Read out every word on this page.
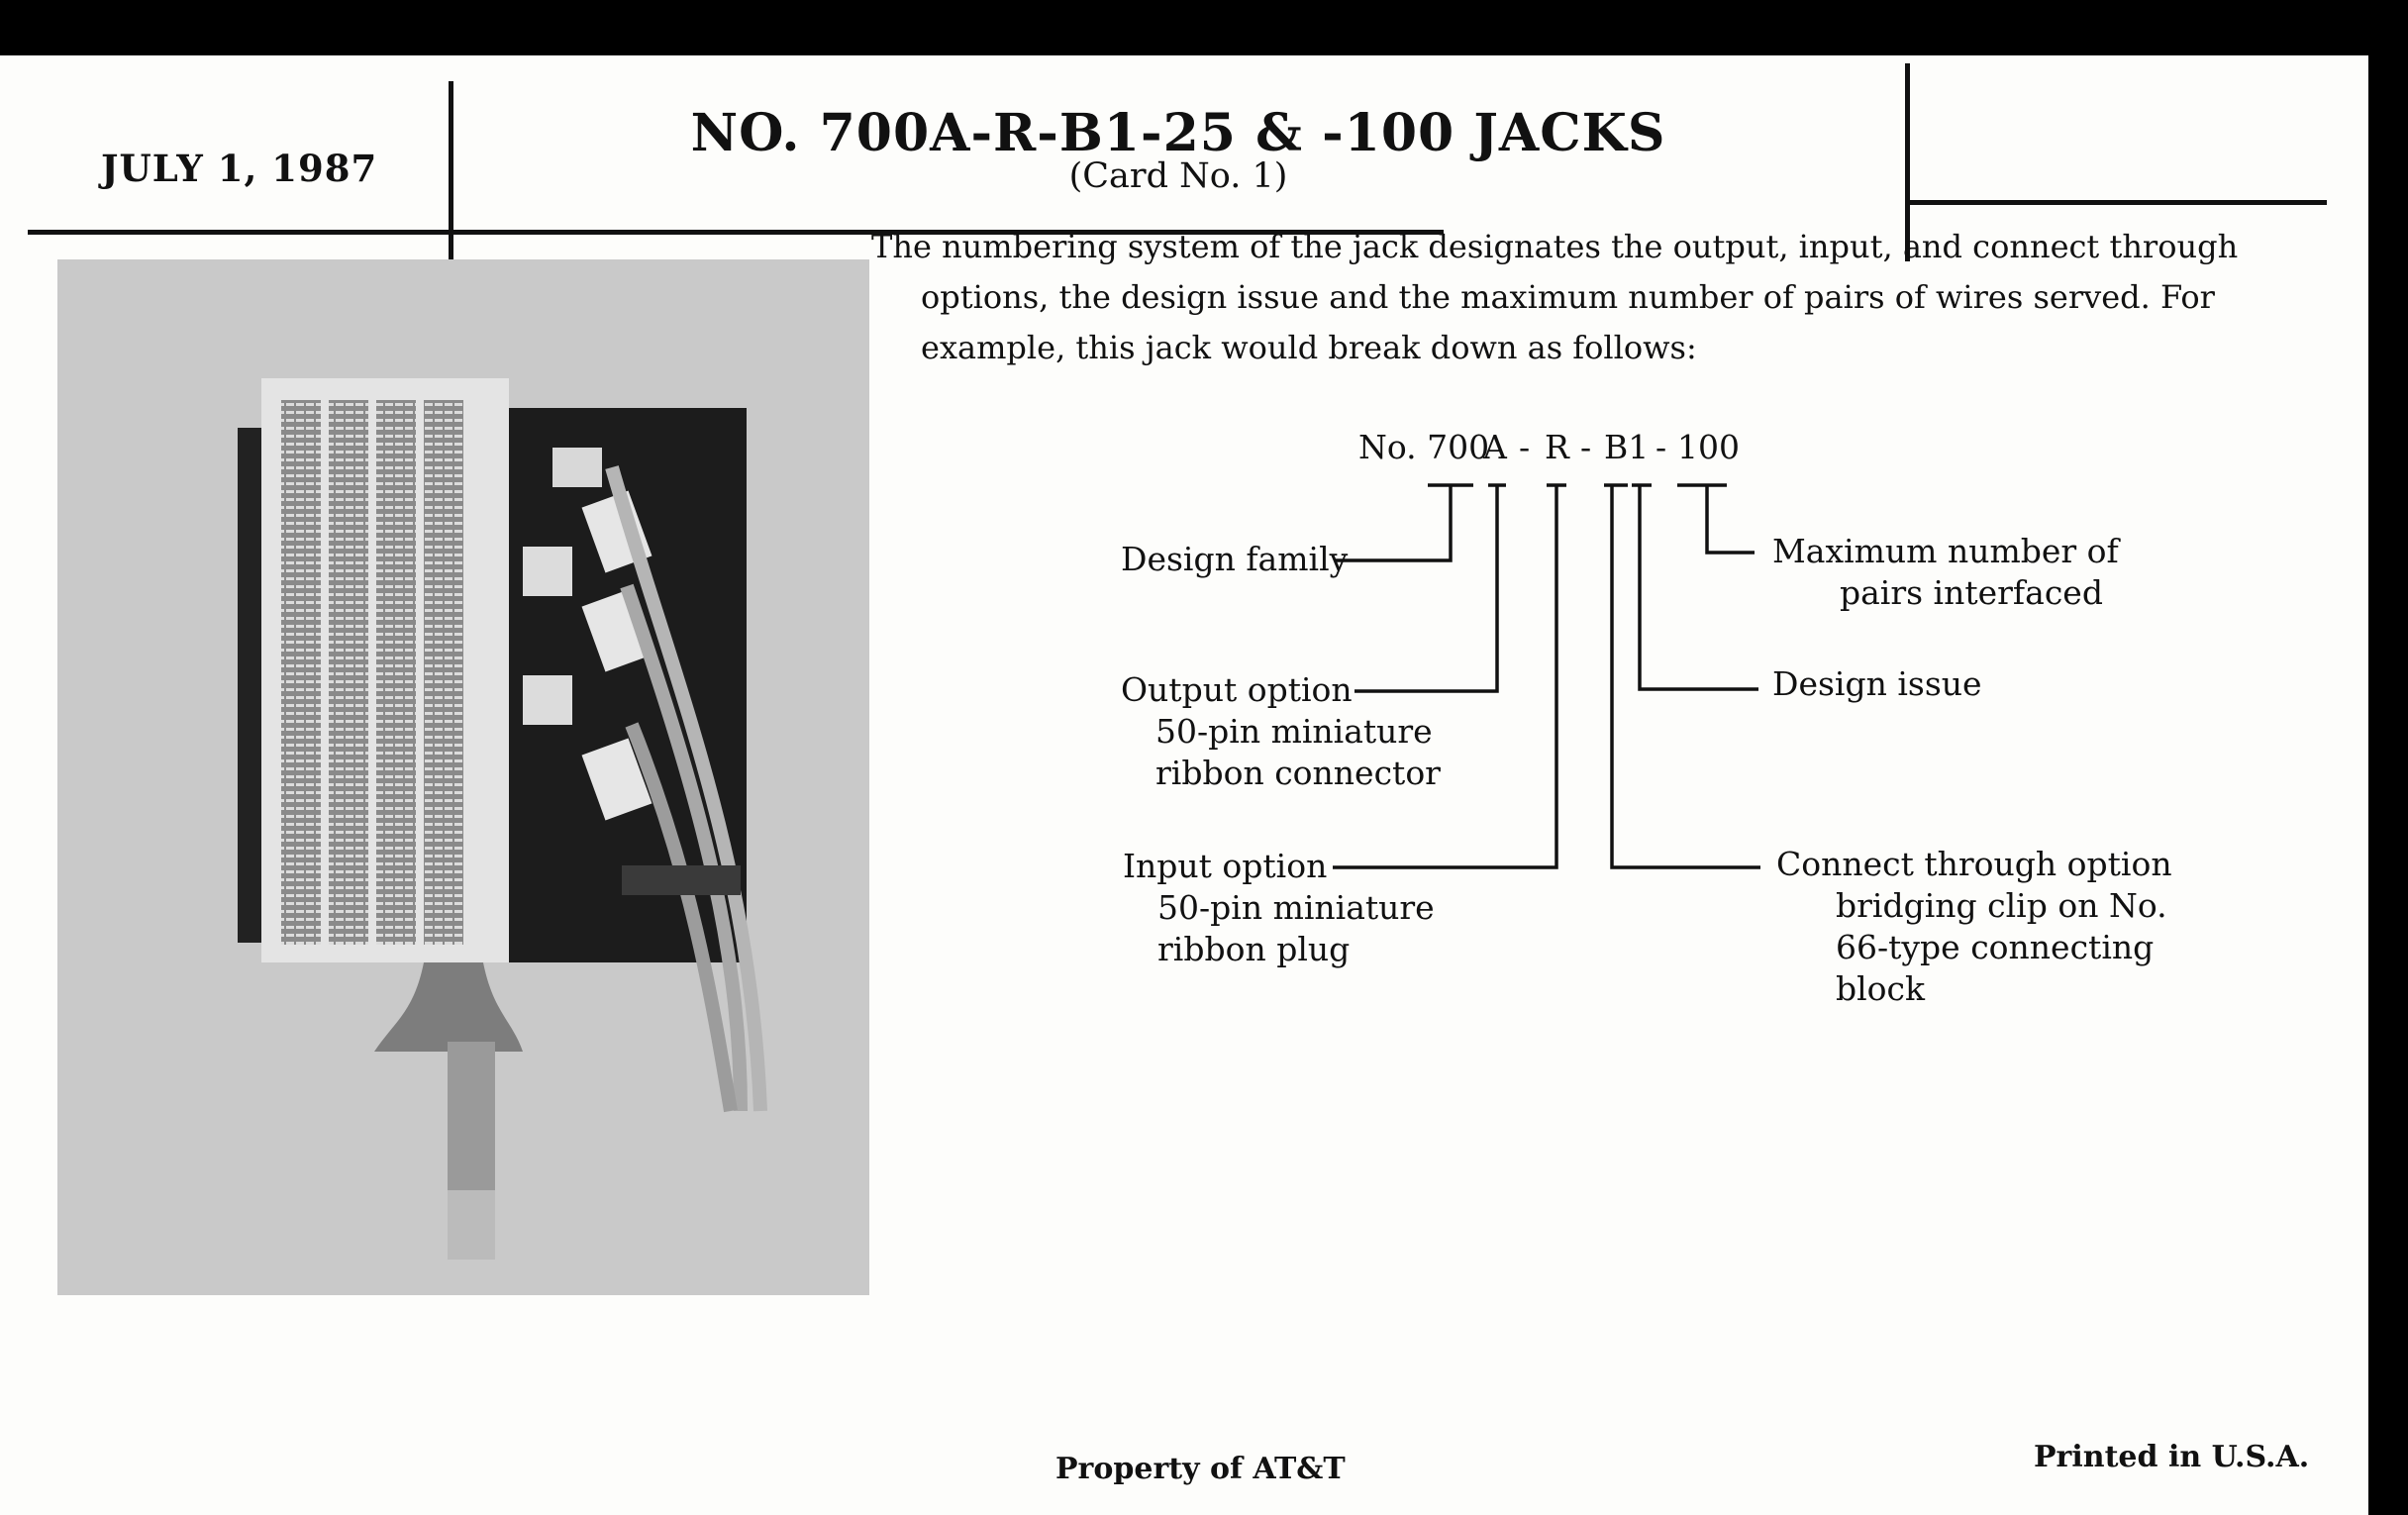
JULY 1, 1987
NO. 700A-R-B1-25 & -100 JACKS
(Card No. 1)
The numbering system of the jack designates the output, input, and connect through options, the design issue and the maximum number of pairs of wires served. For example, this jack would break down as follows:
No. 700
A - R - B1 - 100
Design family
Output option
50-pin miniature
ribbon connector
Input option
50-pin miniature
ribbon plug
Maximum number of
pairs interfaced
Design issue
Connect through option
bridging clip on No.
66-type connecting
block
Property of AT&T	Printed in U.S.A.
